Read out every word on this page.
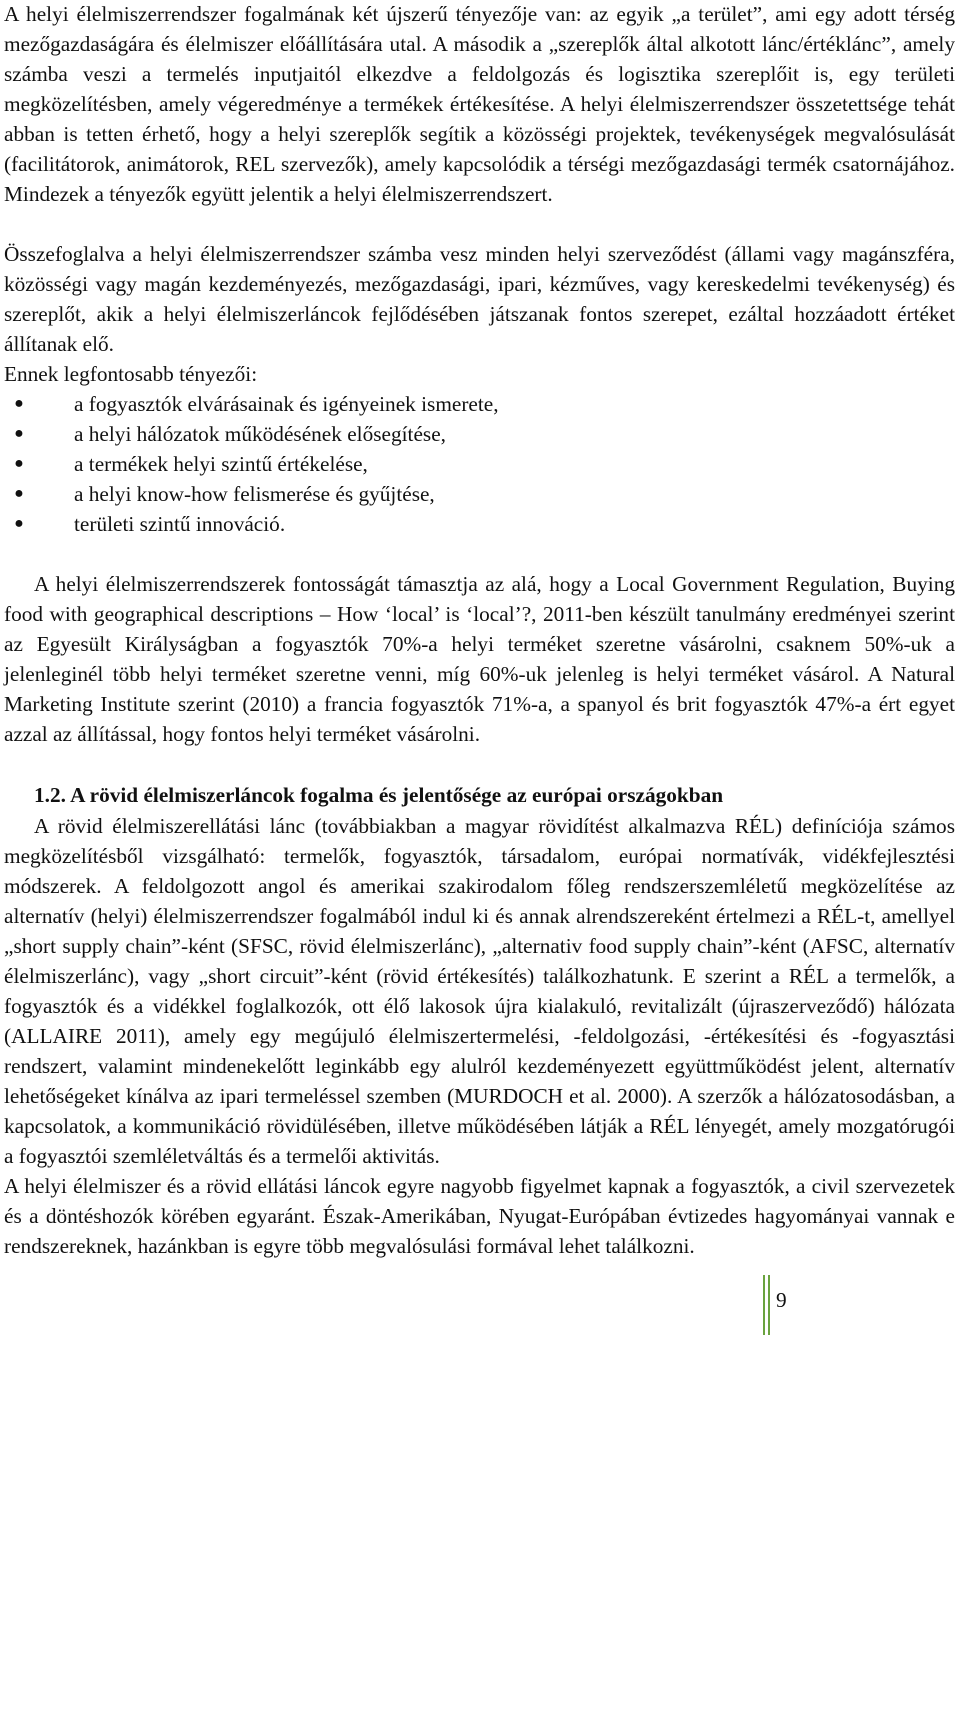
A helyi élelmiszerrendszer fogalmának két újszerű tényezője van: az egyik „a terület”, ami egy adott térség mezőgazdaságára és élelmiszer előállítására utal. A második a „szereplők által alkotott lánc/értéklánc”, amely számba veszi a termelés inputjaitól elkezdve a feldolgozás és logisztika szereplőit is, egy területi megközelítésben, amely végeredménye a termékek értékesítése. A helyi élelmiszerrendszer összetettsége tehát abban is tetten érhető, hogy a helyi szereplők segítik a közösségi projektek, tevékenységek megvalósulását (facilitátorok, animátorok, REL szervezők), amely kapcsolódik a térségi mezőgazdasági termék csatornájához. Mindezek a tényezők együtt jelentik a helyi élelmiszerrendszert.

Összefoglalva a helyi élelmiszerrendszer számba vesz minden helyi szerveződést (állami vagy magánszféra, közösségi vagy magán kezdeményezés, mezőgazdasági, ipari, kézműves, vagy kereskedelmi tevékenység) és szereplőt, akik a helyi élelmiszerláncok fejlődésében játszanak fontos szerepet, ezáltal hozzáadott értéket állítanak elő.

Ennek legfontosabb tényezői:

●	a fogyasztók elvárásainak és igényeinek ismerete,
●	a helyi hálózatok működésének elősegítése,
●	a termékek helyi szintű értékelése,
●	a helyi know-how felismerése és gyűjtése,
●	területi szintű innováció.

A helyi élelmiszerrendszerek fontosságát támasztja az alá, hogy a Local Government Regulation, Buying food with geographical descriptions – How ‘local’ is ‘local’?, 2011-ben készült tanulmány eredményei szerint az Egyesült Királyságban a fogyasztók 70%-a helyi terméket szeretne vásárolni, csaknem 50%-uk a jelenleginél több helyi terméket szeretne venni, míg 60%-uk jelenleg is helyi terméket vásárol. A Natural Marketing Institute szerint (2010) a francia fogyasztók 71%-a, a spanyol és brit fogyasztók 47%-a ért egyet azzal az állítással, hogy fontos helyi terméket vásárolni.

1.2. A rövid élelmiszerláncok fogalma és jelentősége az európai országokban

A rövid élelmiszerellátási lánc (továbbiakban a magyar rövidítést alkalmazva RÉL) definíciója számos megközelítésből vizsgálható: termelők, fogyasztók, társadalom, európai normatívák, vidékfejlesztési módszerek. A feldolgozott angol és amerikai szakirodalom főleg rendszerszemléletű megközelítése az alternatív (helyi) élelmiszerrendszer fogalmából indul ki és annak alrendszereként értelmezi a RÉL-t, amellyel „short supply chain”-ként (SFSC, rövid élelmiszerlánc), „alternativ food supply chain”-ként (AFSC, alternatív élelmiszerlánc), vagy „short circuit”-ként (rövid értékesítés) találkozhatunk. E szerint a RÉL a termelők, a fogyasztók és a vidékkel foglalkozók, ott élő lakosok újra kialakuló, revitalizált (újraszerveződő) hálózata (ALLAIRE 2011), amely egy megújuló élelmiszertermelési, -feldolgozási, -értékesítési és -fogyasztási rendszert, valamint mindenekelőtt leginkább egy alulról kezdeményezett együttműködést jelent, alternatív lehetőségeket kínálva az ipari termeléssel szemben (MURDOCH et al. 2000). A szerzők a hálózatosodásban, a kapcsolatok, a kommunikáció rövidülésében, illetve működésében látják a RÉL lényegét, amely mozgatórugói a fogyasztói szemléletváltás és a termelői aktivitás.

A helyi élelmiszer és a rövid ellátási láncok egyre nagyobb figyelmet kapnak a fogyasztók, a civil szervezetek és a döntéshozók körében egyaránt. Észak-Amerikában, Nyugat-Európában évtizedes hagyományai vannak e rendszereknek, hazánkban is egyre több megvalósulási formával lehet találkozni.

9
